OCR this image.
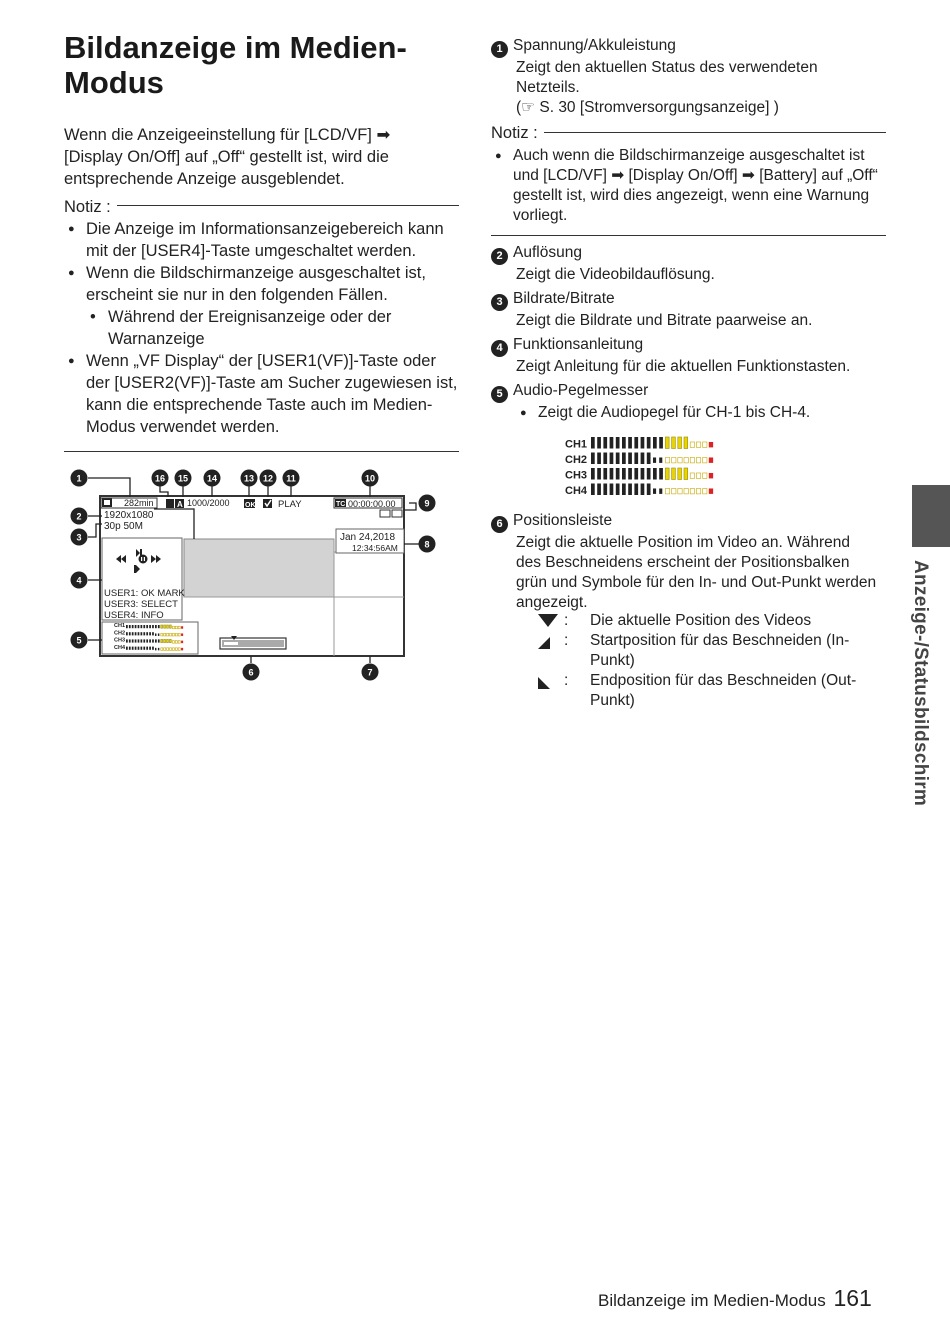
Bildanzeige im Medien-Modus
Wenn die Anzeigeeinstellung für [LCD/VF] ➡ [Display On/Off] auf „Off“ gestellt ist, wird die entsprechende Anzeige ausgeblendet.
Notiz :
● Die Anzeige im Informationsanzeigebereich kann mit der [USER4]-Taste umgeschaltet werden.
● Wenn die Bildschirmanzeige ausgeschaltet ist, erscheint sie nur in den folgenden Fällen.
• Während der Ereignisanzeige oder der Warnanzeige
● Wenn „VF Display“ der [USER1(VF)]-Taste oder der [USER2(VF)]-Taste am Sucher zugewiesen ist, kann die entsprechende Taste auch im Medien-Modus verwendet werden.
USER1: OK MARK
USER3: SELECT
USER4: INFO
CH1
CH2
CH3
CH4
282min
1920x1080
30p 50M
A 1000/2000 OK PLAY	TC 00:00:00.00
Jan 24,2018
12:34:56AM
1
2
3
4
5
6	7
8
9
10
11
12
13
14
15
16
1 Spannung/Akkuleistung
Zeigt den aktuellen Status des verwendeten Netzteils.
(☞ S. 30 [Stromversorgungsanzeige] )
Notiz :
● Auch wenn die Bildschirmanzeige ausgeschaltet ist und [LCD/VF] ➡ [Display On/Off] ➡ [Battery] auf „Off“ gestellt ist, wird dies angezeigt, wenn eine Warnung vorliegt.
2 Auflösung
Zeigt die Videobildauflösung.
3 Bildrate/Bitrate
Zeigt die Bildrate und Bitrate paarweise an.
4 Funktionsanleitung
Zeigt Anleitung für die aktuellen Funktionstasten.
5 Audio-Pegelmesser
● Zeigt die Audiopegel für CH-1 bis CH-4.
CH1
CH2
CH3
CH4
6 Positionsleiste
Zeigt die aktuelle Position im Video an. Während des Beschneidens erscheint der Positionsbalken grün und Symbole für den In- und Out-Punkt werden angezeigt.
:	Die aktuelle Position des Videos
:	Startposition für das Beschneiden (In-Punkt)
:	Endposition für das Beschneiden (Out-Punkt)	Anzeige-/Statusbildschirm
Bildanzeige im Medien-Modus 161
